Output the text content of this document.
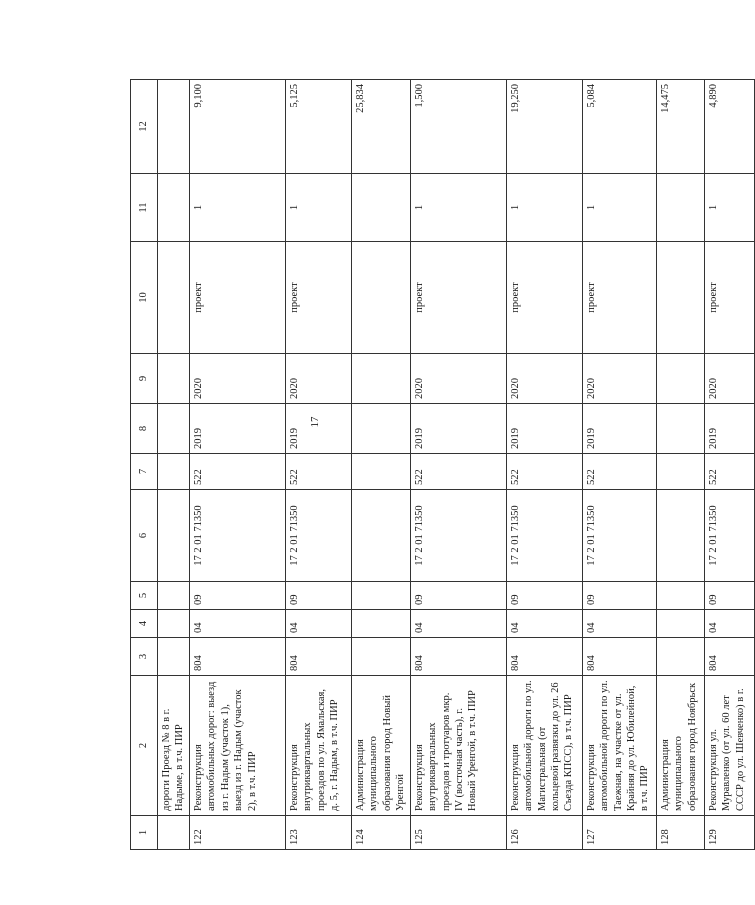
17
1	2	3	4	5	6	7	8	9	10	11	12
	дороги Проезд № 8 в г. Надыме, в т.ч. ПИР										
122	Реконструкция автомобильных дорог: выезд из г. Надым (участок 1), выезд из г. Надым (участок 2), в т.ч. ПИР	804	04	09	17 2 01 71350	522	2019	2020	проект	1	9,100
123	Реконструкция внутриквартальных проездов по ул. Ямальская, д. 5, г. Надым, в т.ч. ПИР	804	04	09	17 2 01 71350	522	2019	2020	проект	1	5,125
124	Администрация муниципального образования город Новый Уренгой										25,834
125	Реконструкция внутриквартальных проездов и тротуаров мкр. IV (восточная часть), г. Новый Уренгой, в т.ч. ПИР	804	04	09	17 2 01 71350	522	2019	2020	проект	1	1,500
126	Реконструкция автомобильной дороги по ул. Магистральная (от кольцевой развязки до ул. 26 Съезда КПСС), в т.ч. ПИР	804	04	09	17 2 01 71350	522	2019	2020	проект	1	19,250
127	Реконструкция автомобильной дороги по ул. Таежная, на участке от ул. Крайняя до ул. Юбилейной, в т.ч. ПИР	804	04	09	17 2 01 71350	522	2019	2020	проект	1	5,084
128	Администрация муниципального образования город Ноябрьск										14,475
129	Реконструкция ул. Муравленко (от ул. 60 лет СССР до ул. Шевченко) в г.	804	04	09	17 2 01 71350	522	2019	2020	проект	1	4,890
